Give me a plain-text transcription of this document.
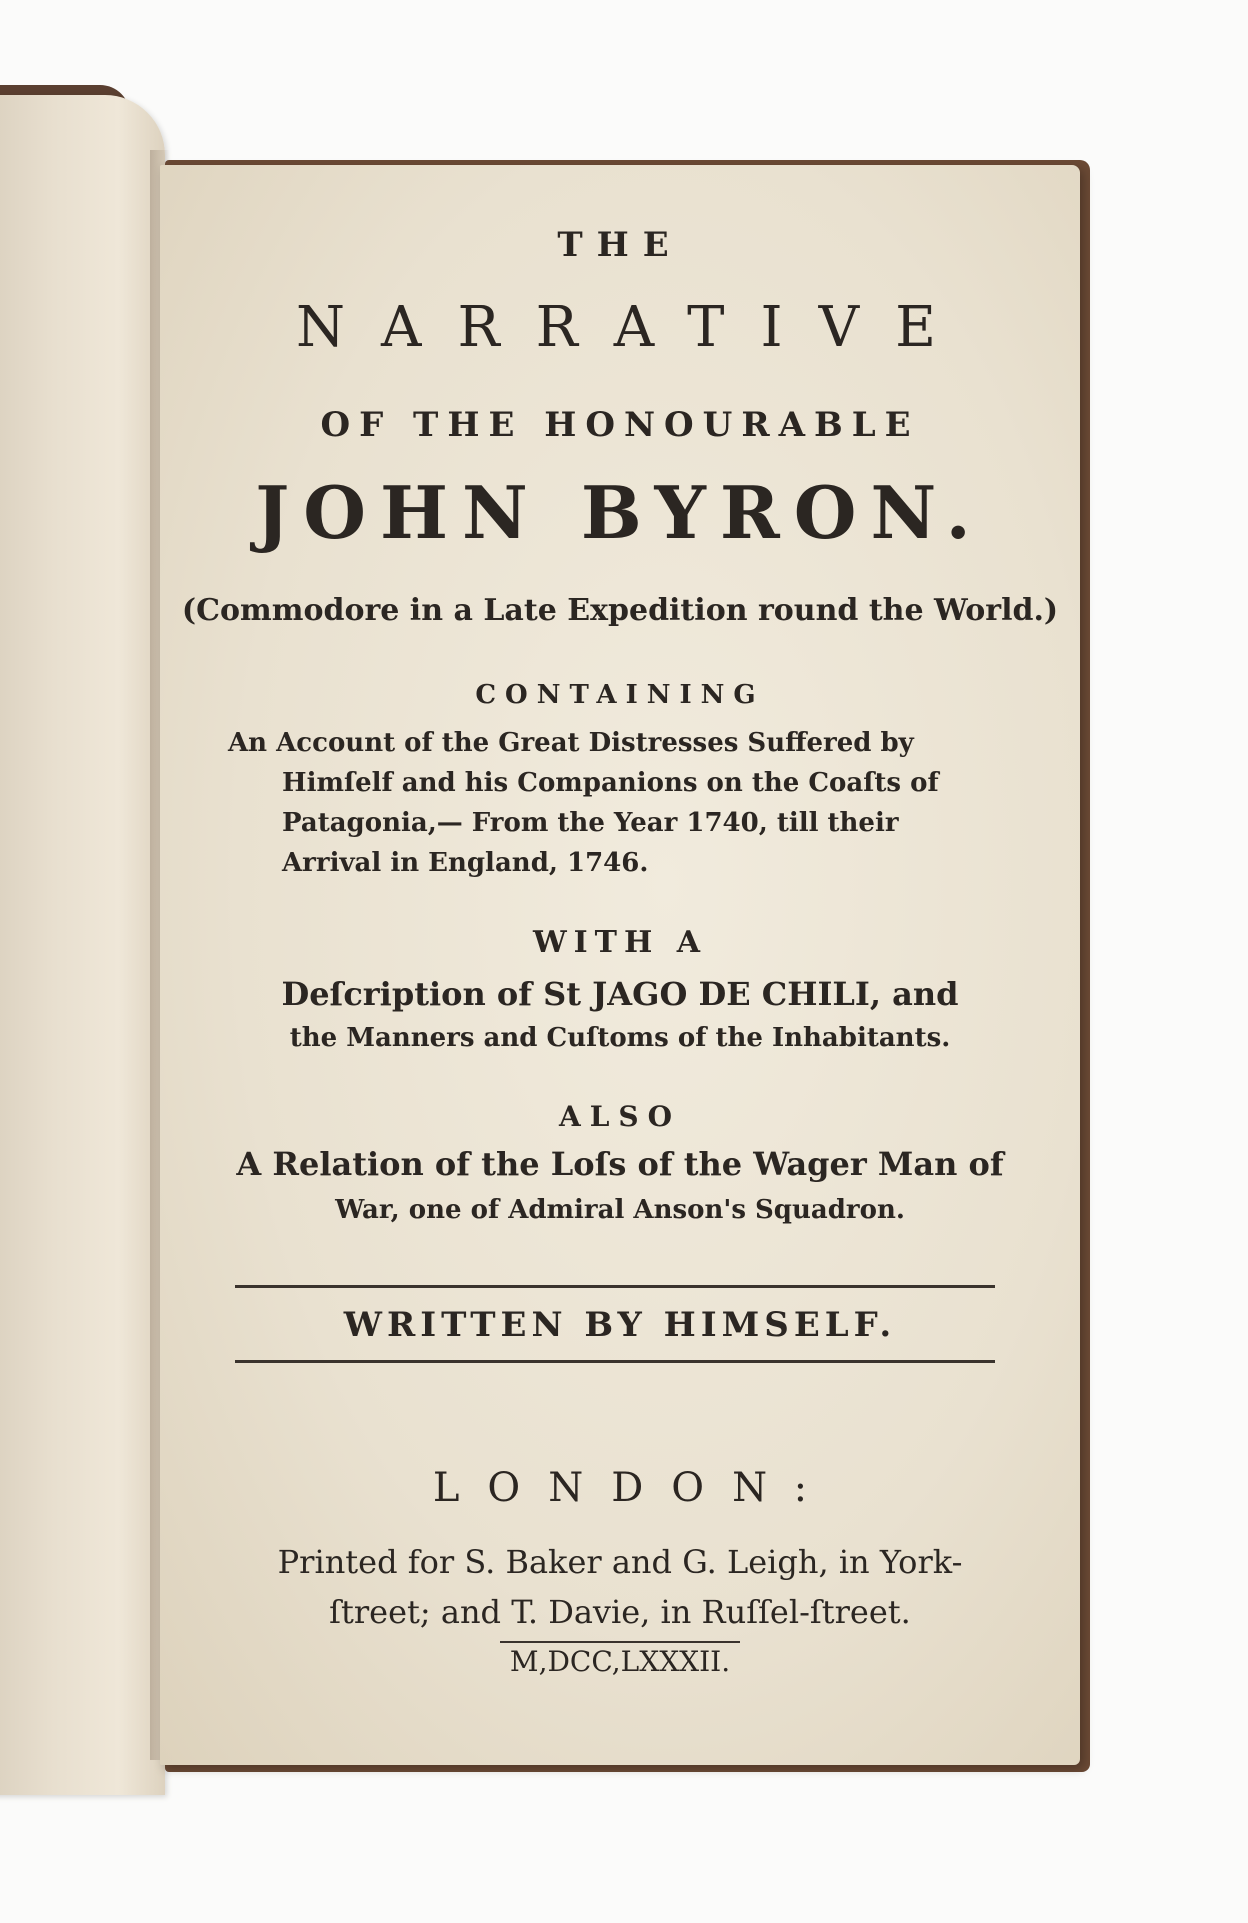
THE
NARRATIVE
OF THE HONOURABLE
JOHN BYRON.
(Commodore in a Late Expedition round the World.)
CONTAINING
An Account of the Great Distresses Suffered by
Himſelf and his Companions on the Coaſts of
Patagonia,— From the Year 1740, till their
Arrival in England, 1746.
WITH A
Deſcription of St JAGO DE CHILI, and
the Manners and Cuſtoms of the Inhabitants.
ALSO
A Relation of the Loſs of the Wager Man of
War, one of Admiral Anson's Squadron.
WRITTEN BY HIMSELF.
LONDON:
Printed for S. Baker and G. Leigh, in York-
ſtreet; and T. Davie, in Ruſſel-ſtreet.
M,DCC,LXXXII.
